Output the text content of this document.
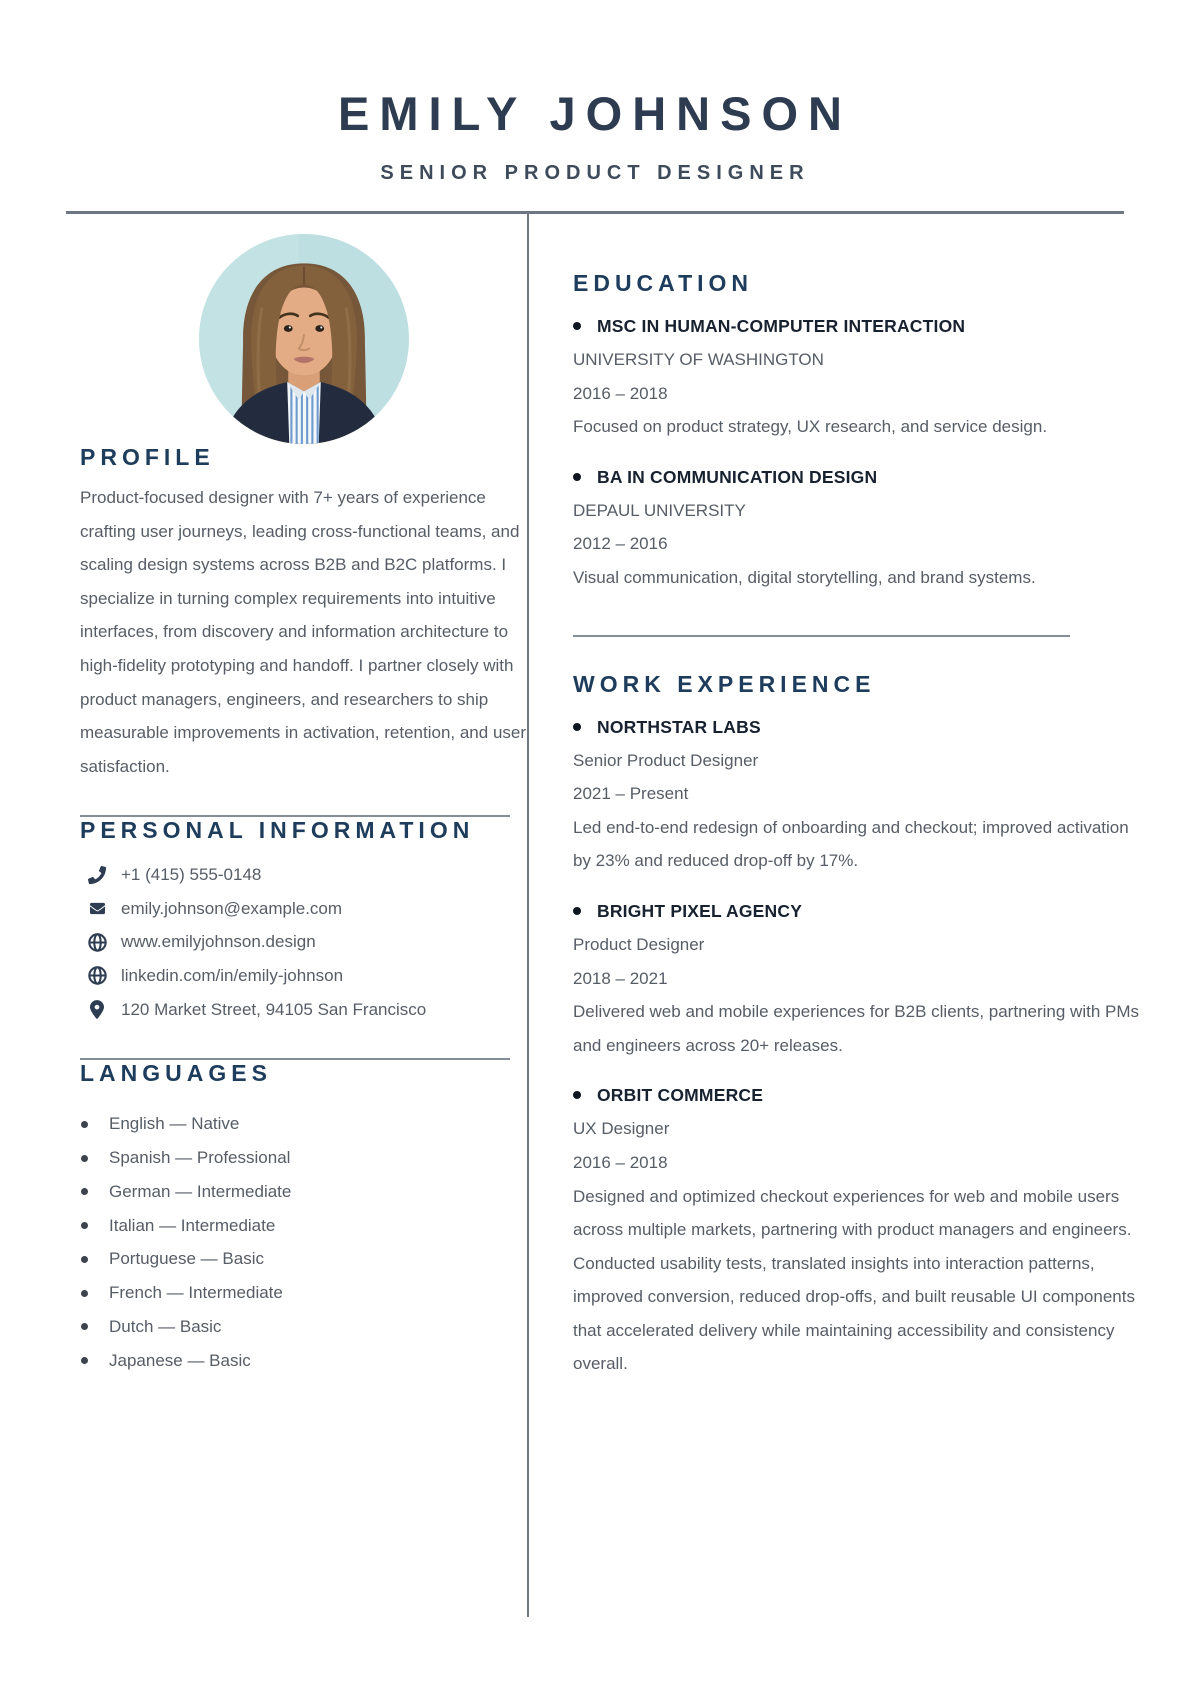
EMILY JOHNSON
SENIOR PRODUCT DESIGNER
PROFILE

Product-focused designer with 7+ years of experience crafting user journeys, leading cross-functional teams, and scaling design systems across B2B and B2C platforms. I specialize in turning complex requirements into intuitive interfaces, from discovery and information architecture to high-fidelity prototyping and handoff. I partner closely with product managers, engineers, and researchers to ship measurable improvements in activation, retention, and user satisfaction.

PERSONAL INFORMATION
+1 (415) 555-0148
emily.johnson@example.com
www.emilyjohnson.design
linkedin.com/in/emily-johnson
120 Market Street, 94105 San Francisco
LANGUAGES
English — Native
Spanish — Professional
German — Intermediate
Italian — Intermediate
Portuguese — Basic
French — Intermediate
Dutch — Basic
Japanese — Basic
EDUCATION
MSC IN HUMAN-COMPUTER INTERACTION

UNIVERSITY OF WASHINGTON

2016 – 2018

Focused on product strategy, UX research, and service design.

BA IN COMMUNICATION DESIGN

DEPAUL UNIVERSITY

2012 – 2016

Visual communication, digital storytelling, and brand systems.

WORK EXPERIENCE
NORTHSTAR LABS

Senior Product Designer

2021 – Present

Led end-to-end redesign of onboarding and checkout; improved activation by 23% and reduced drop-off by 17%.

BRIGHT PIXEL AGENCY

Product Designer

2018 – 2021

Delivered web and mobile experiences for B2B clients, partnering with PMs and engineers across 20+ releases.

ORBIT COMMERCE

UX Designer

2016 – 2018

Designed and optimized checkout experiences for web and mobile users across multiple markets, partnering with product managers and engineers. Conducted usability tests, translated insights into interaction patterns, improved conversion, reduced drop-offs, and built reusable UI components that accelerated delivery while maintaining accessibility and consistency overall.
